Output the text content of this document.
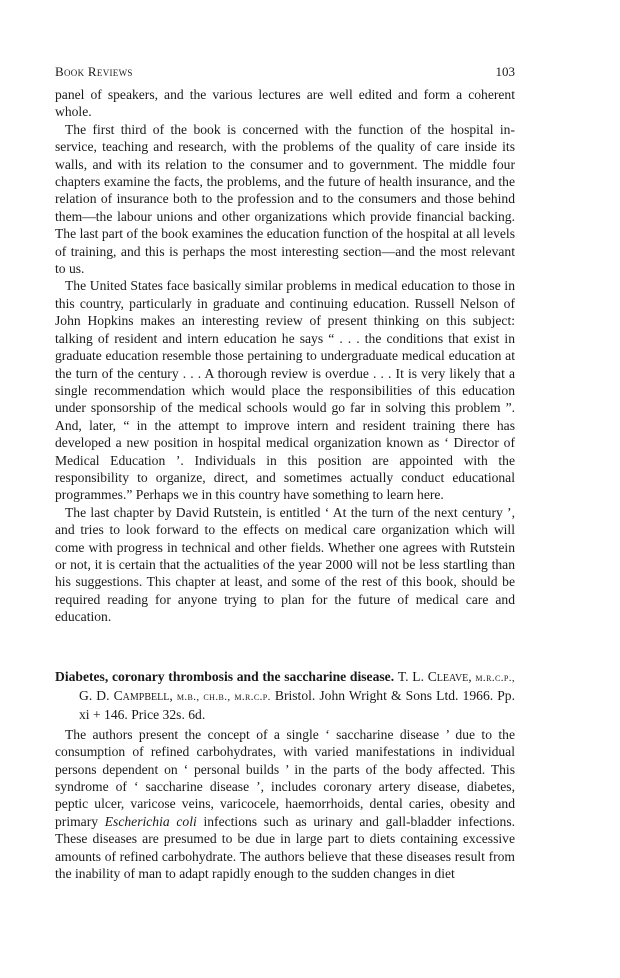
Book Reviews	103

panel of speakers, and the various lectures are well edited and form a coherent whole.

The first third of the book is concerned with the function of the hospital in-service, teaching and research, with the problems of the quality of care inside its walls, and with its relation to the consumer and to government. The middle four chapters examine the facts, the problems, and the future of health insurance, and the relation of insurance both to the profession and to the consumers and those behind them—the labour unions and other organizations which provide financial backing. The last part of the book examines the education function of the hospital at all levels of training, and this is perhaps the most interesting section—and the most relevant to us.

The United States face basically similar problems in medical education to those in this country, particularly in graduate and continuing education. Russell Nelson of John Hopkins makes an interesting review of present thinking on this subject: talking of resident and intern education he says “ . . . the conditions that exist in graduate education resemble those pertaining to undergraduate medical education at the turn of the century . . . A thorough review is overdue . . . It is very likely that a single recommendation which would place the responsibilities of this education under sponsorship of the medical schools would go far in solving this problem ”. And, later, “ in the attempt to improve intern and resident training there has developed a new position in hospital medical organization known as ‘ Director of Medical Education ’. Individuals in this position are appointed with the responsibility to organize, direct, and sometimes actually conduct educational programmes.” Perhaps we in this country have something to learn here.

The last chapter by David Rutstein, is entitled ‘ At the turn of the next century ’, and tries to look forward to the effects on medical care organization which will come with progress in technical and other fields. Whether one agrees with Rutstein or not, it is certain that the actualities of the year 2000 will not be less startling than his suggestions. This chapter at least, and some of the rest of this book, should be required reading for anyone trying to plan for the future of medical care and education.

Diabetes, coronary thrombosis and the saccharine disease. T. L. Cleave, m.r.c.p., G. D. Campbell, m.b., ch.b., m.r.c.p. Bristol. John Wright & Sons Ltd. 1966. Pp. xi + 146. Price 32s. 6d.

The authors present the concept of a single ‘ saccharine disease ’ due to the consumption of refined carbohydrates, with varied manifestations in individual persons dependent on ‘ personal builds ’ in the parts of the body affected. This syndrome of ‘ saccharine disease ’, includes coronary artery disease, diabetes, peptic ulcer, varicose veins, varicocele, haemorrhoids, dental caries, obesity and primary Escherichia coli infections such as urinary and gall-bladder infections. These diseases are presumed to be due in large part to diets containing excessive amounts of refined carbohydrate. The authors believe that these diseases result from the inability of man to adapt rapidly enough to the sudden changes in diet
